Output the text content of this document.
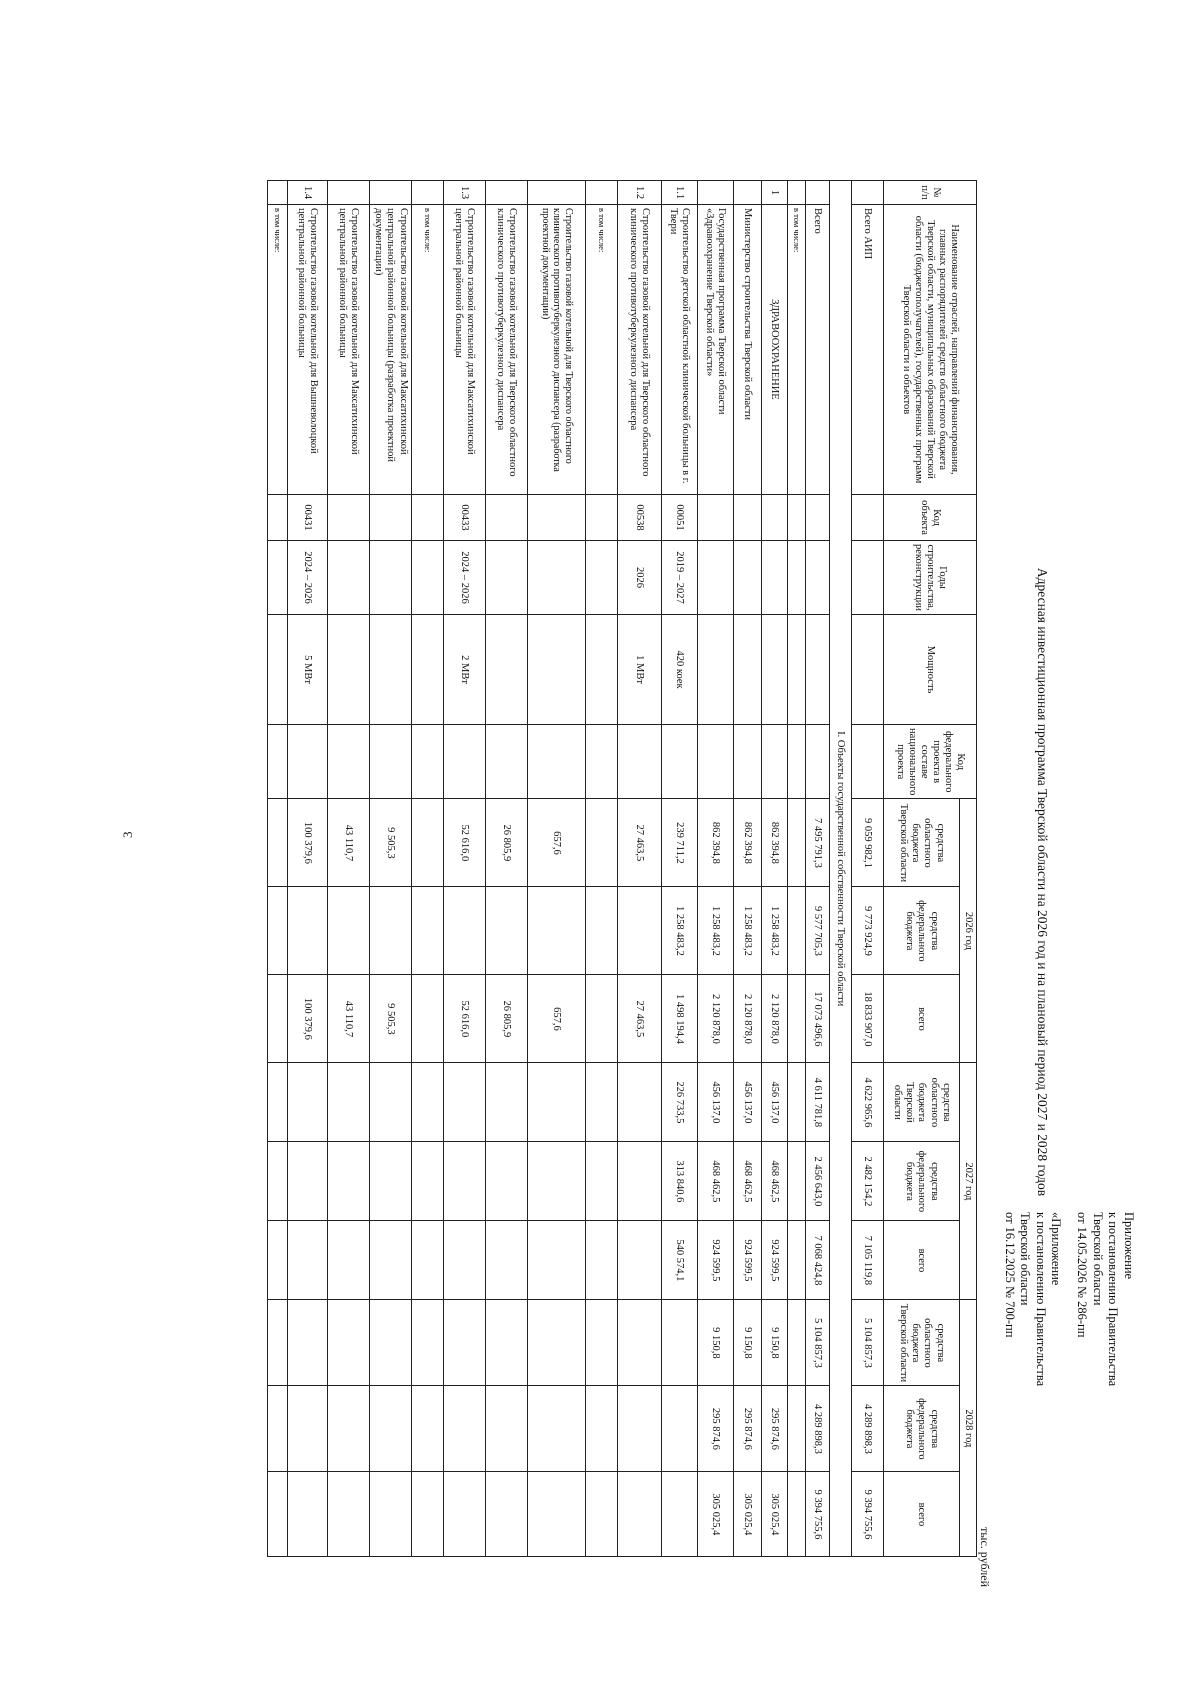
3
Приложение
к постановлению Правительства
Тверской области
от 14.05.2026 № 286-пп
«Приложение
к постановлению Правительства
Тверской области
от 16.12.2025 № 700-пп
Адресная инвестиционная программа Тверской области на 2026 год и на плановый период 2027 и 2028 годов
тыс. рублей
№ п/п	Наименование отраслей, направлений финансирования, главных распорядителей средств областного бюджета Тверской области, муниципальных образований Тверской области (бюджетополучателей), государственных программ Тверской области и объектов	Код объекта	Годы строительства, реконструкции	Мощность	Код федерального проекта в составе национального проекта	2026 год			2027 год			2028 год		
						средства областного бюджета Тверской области	средства федерального бюджета	всего	средства областного бюджета Тверской области	средства федерального бюджета	всего	средства областного бюджета Тверской области	средства федерального бюджета	всего
	Всего АИП					9 059 982,1	9 773 924,9	18 833 907,0	4 622 965,6	2 482 154,2	7 105 119,8	5 104 857,3	4 289 898,3	9 394 755,6
I. Объекты государственной собственности Тверской области														
	Всего					7 495 791,3	9 577 705,3	17 073 496,6	4 611 781,8	2 456 643,0	7 068 424,8	5 104 857,3	4 289 898,3	9 394 755,6
	в том числе:													
1	ЗДРАВООХРАНЕНИЕ					862 394,8	1 258 483,2	2 120 878,0	456 137,0	468 462,5	924 599,5	9 150,8	295 874,6	305 025,4
	Министерство строительства Тверской области					862 394,8	1 258 483,2	2 120 878,0	456 137,0	468 462,5	924 599,5	9 150,8	295 874,6	305 025,4
	Государственная программа Тверской области «Здравоохранение Тверской области»					862 394,8	1 258 483,2	2 120 878,0	456 137,0	468 462,5	924 599,5	9 150,8	295 874,6	305 025,4
1.1	Строительство детской областной клинической больницы в г. Твери	00051	2019 – 2027	420 коек		239 711,2	1 258 483,2	1 498 194,4	226 733,5	313 840,6	540 574,1			
1.2	Строительство газовой котельной для Тверского областного клинического противотуберкулезного диспансера	00538	2026	1 МВт		27 463,5		27 463,5						
	в том числе:													
	Строительство газовой котельной для Тверского областного клинического противотуберкулезного диспансера (разработка проектной документации)					657,6		657,6						
	Строительство газовой котельной для Тверского областного клинического противотуберкулезного диспансера					26 805,9		26 805,9						
1.3	Строительство газовой котельной для Максатихинской центральной районной больницы	00433	2024 – 2026	2 МВт		52 616,0		52 616,0						
	в том числе:													
	Строительство газовой котельной для Максатихинской центральной районной больницы (разработка проектной документации)					9 505,3		9 505,3						
	Строительство газовой котельной для Максатихинской центральной районной больницы					43 110,7		43 110,7						
1.4	Строительство газовой котельной для Вышневолоцкой центральной районной больницы	00431	2024 – 2026	5 МВт		100 379,6		100 379,6						
	в том числе:													
